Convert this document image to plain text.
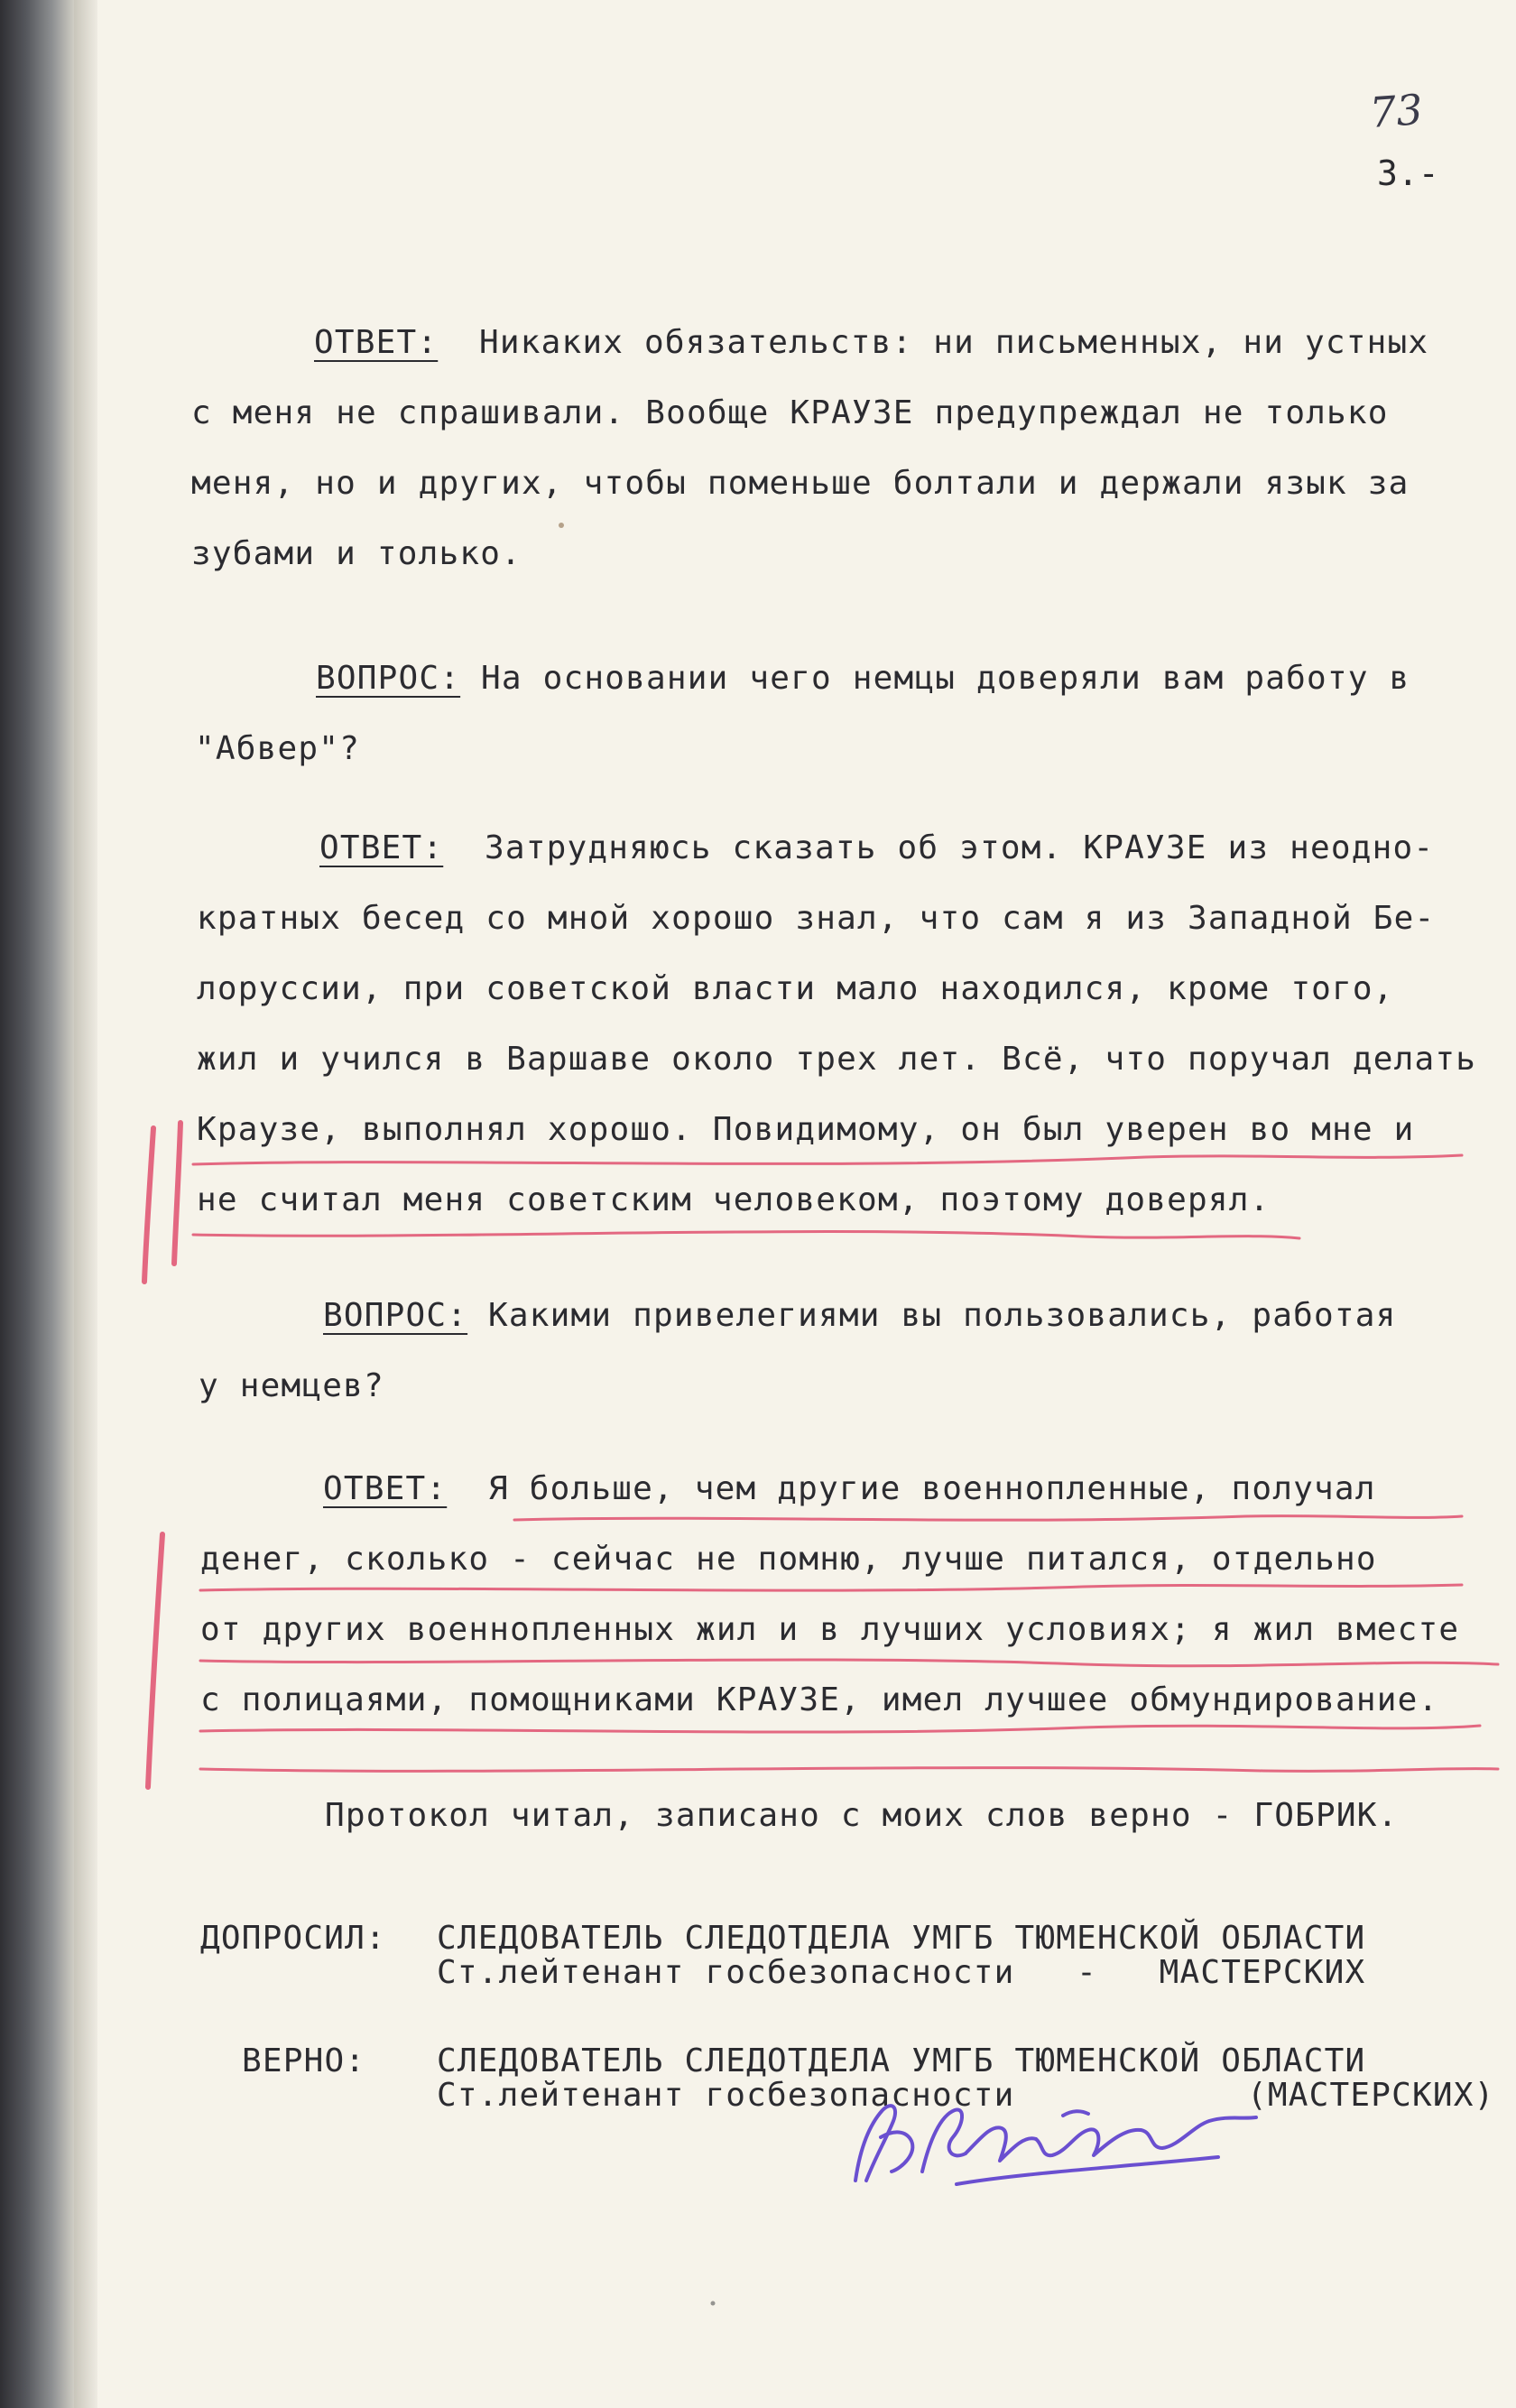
73
3.-
ОТВЕТ:  Никаких обязательств: ни письменных, ни устных
с меня не спрашивали. Вообще КРАУЗЕ предупреждал не только
меня, но и других, чтобы поменьше болтали и держали язык за
зубами и только.
ВОПРОС: На основании чего немцы доверяли вам работу в
"Абвер"?
ОТВЕТ:  Затрудняюсь сказать об этом. КРАУЗЕ из неодно-
кратных бесед со мной хорошо знал, что сам я из Западной Бе-
лоруссии, при советской власти мало находился, кроме того,
жил и учился в Варшаве около трех лет. Всё, что поручал делать
Краузе, выполнял хорошо. Повидимому, он был уверен во мне и
не считал меня советским человеком, поэтому доверял.
ВОПРОС: Какими привелегиями вы пользовались, работая
у немцев?
ОТВЕТ:  Я больше, чем другие военнопленные, получал
денег, сколько - сейчас не помню, лучше питался, отдельно
от других военнопленных жил и в лучших условиях; я жил вместе
с полицаями, помощниками КРАУЗЕ, имел лучшее обмундирование.
Протокол читал, записано с моих слов верно - ГОБРИК.
ДОПРОСИЛ: СЛЕДОВАТЕЛЬ СЛЕДОТДЕЛА УМГБ ТЮМЕНСКОЙ ОБЛАСТИ
Ст.лейтенант госбезопасности   -   МАСТЕРСКИХ
ВЕРНО: СЛЕДОВАТЕЛЬ СЛЕДОТДЕЛА УМГБ ТЮМЕНСКОЙ ОБЛАСТИ
Ст.лейтенант госбезопасности	(МАСТЕРСКИХ)
